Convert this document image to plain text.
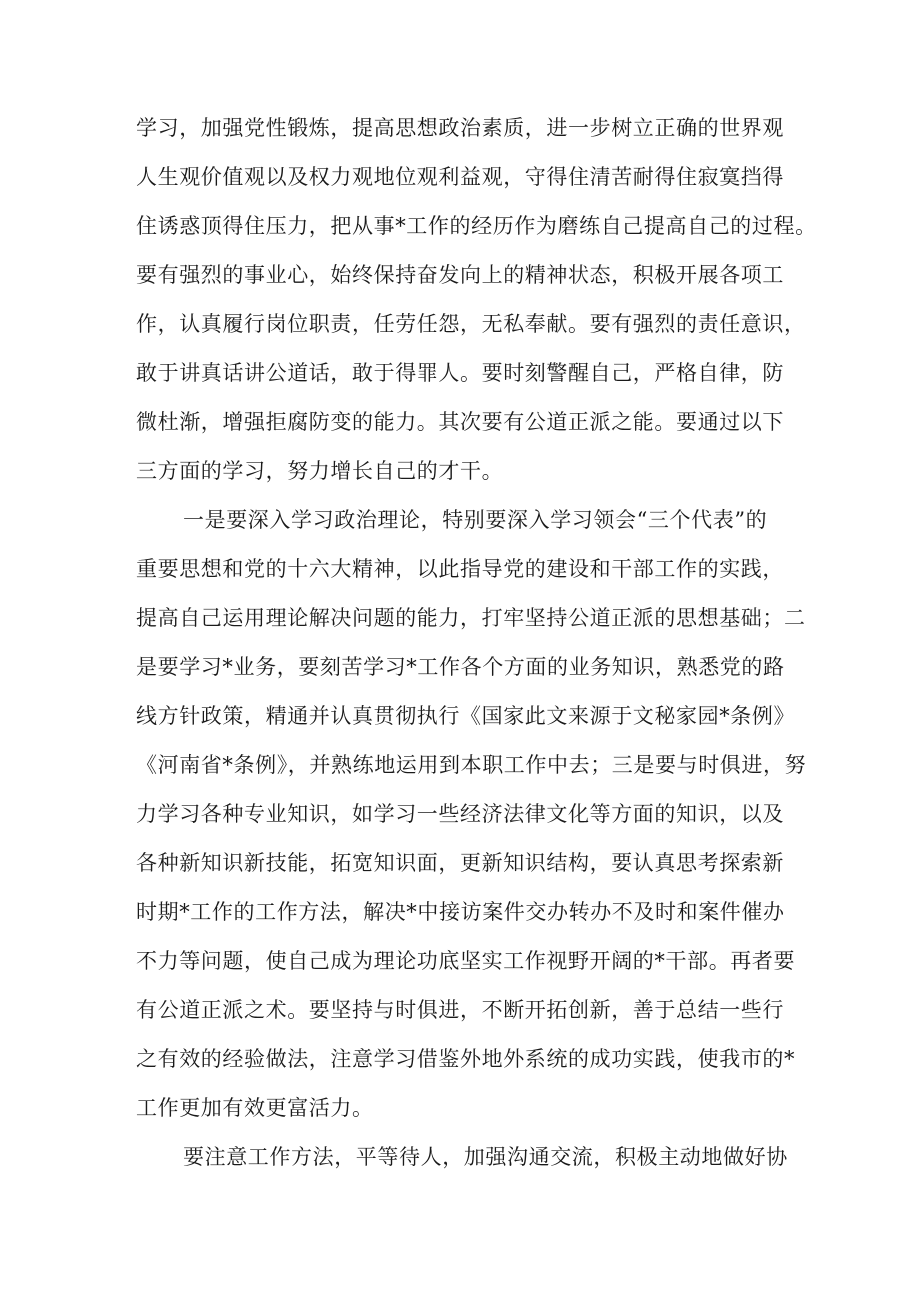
学习，加强党性锻炼，提高思想政治素质，进一步树立正确的世界观

人生观价值观以及权力观地位观利益观，守得住清苦耐得住寂寞挡得

住诱惑顶得住压力，把从事*工作的经历作为磨练自己提高自己的过程。

要有强烈的事业心，始终保持奋发向上的精神状态，积极开展各项工

作，认真履行岗位职责，任劳任怨，无私奉献。要有强烈的责任意识，

敢于讲真话讲公道话，敢于得罪人。要时刻警醒自己，严格自律，防

微杜渐，增强拒腐防变的能力。其次要有公道正派之能。要通过以下

三方面的学习，努力增长自己的才干。

一是要深入学习政治理论，特别要深入学习领会“三个代表”的

重要思想和党的十六大精神，以此指导党的建设和干部工作的实践，

提高自己运用理论解决问题的能力，打牢坚持公道正派的思想基础；二

是要学习*业务，要刻苦学习*工作各个方面的业务知识，熟悉党的路

线方针政策，精通并认真贯彻执行《国家此文来源于文秘家园*条例》

《河南省*条例》，并熟练地运用到本职工作中去；三是要与时俱进，努

力学习各种专业知识，如学习一些经济法律文化等方面的知识，以及

各种新知识新技能，拓宽知识面，更新知识结构，要认真思考探索新

时期*工作的工作方法，解决*中接访案件交办转办不及时和案件催办

不力等问题，使自己成为理论功底坚实工作视野开阔的*干部。再者要

有公道正派之术。要坚持与时俱进，不断开拓创新，善于总结一些行

之有效的经验做法，注意学习借鉴外地外系统的成功实践，使我市的*

工作更加有效更富活力。

要注意工作方法，平等待人，加强沟通交流，积极主动地做好协
